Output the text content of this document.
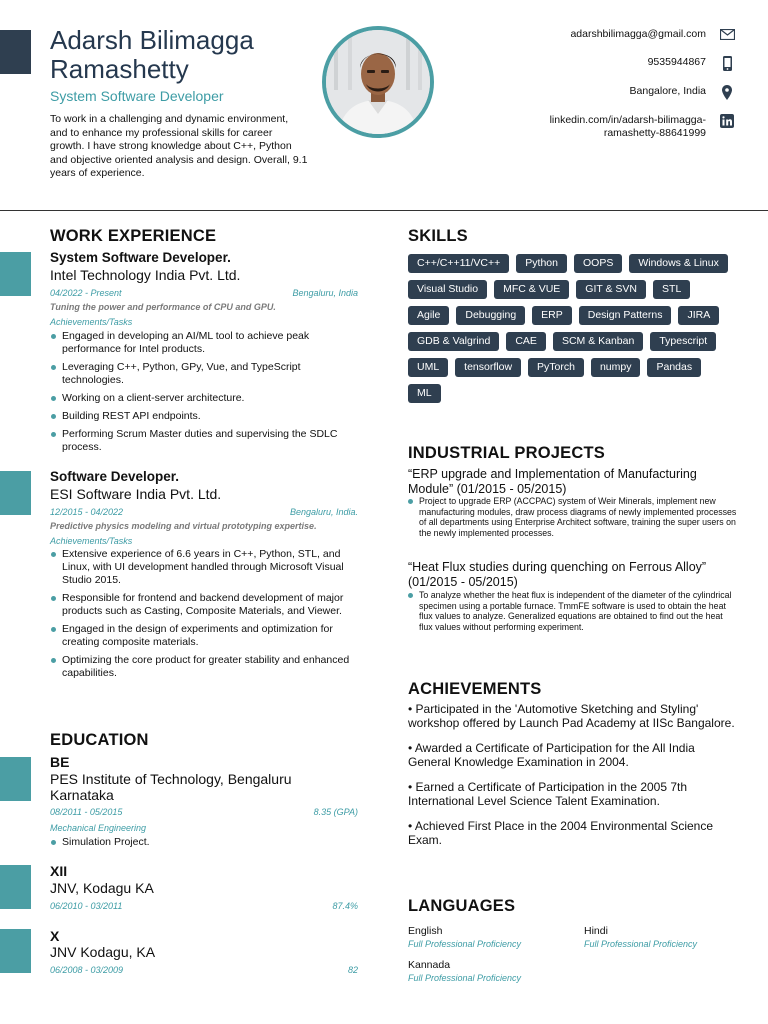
Adarsh Bilimagga Ramashetty
System Software Developer
To work in a challenging and dynamic environment, and to enhance my professional skills for career growth. I have strong knowledge about C++, Python and objective oriented analysis and design. Overall, 9.1 years of experience.
adarshbilimagga@gmail.com
9535944867
Bangalore, India
linkedin.com/in/adarsh-bilimagga-ramashetty-88641999
WORK EXPERIENCE
System Software Developer.
Intel Technology India Pvt. Ltd.
04/2022 - Present	Bengaluru, India
Tuning the power and performance of CPU and GPU.
Achievements/Tasks
Engaged in developing an AI/ML tool to achieve peak performance for Intel products.
Leveraging C++, Python, GPy, Vue, and TypeScript technologies.
Working on a client-server architecture.
Building REST API endpoints.
Performing Scrum Master duties and supervising the SDLC process.
Software Developer.
ESI Software India Pvt. Ltd.
12/2015 - 04/2022	Bengaluru, India.
Predictive physics modeling and virtual prototyping expertise.
Achievements/Tasks
Extensive experience of 6.6 years in C++, Python, STL, and Linux, with UI development handled through Microsoft Visual Studio 2015.
Responsible for frontend and backend development of major products such as Casting, Composite Materials, and Viewer.
Engaged in the design of experiments and optimization for creating composite materials.
Optimizing the core product for greater stability and enhanced capabilities.
EDUCATION
BE
PES Institute of Technology, Bengaluru Karnataka
08/2011 - 05/2015	8.35 (GPA)
Mechanical Engineering
Simulation Project.
XII
JNV, Kodagu KA
06/2010 - 03/2011	87.4%
X
JNV Kodagu, KA
06/2008 - 03/2009	82
SKILLS
C++/C++11/VC++	Python	OOPS	Windows & Linux
Visual Studio	MFC & VUE	GIT & SVN	STL
Agile	Debugging	ERP	Design Patterns	JIRA
GDB & Valgrind	CAE	SCM & Kanban	Typescript
UML	tensorflow	PyTorch	numpy	Pandas
ML
INDUSTRIAL PROJECTS
“ERP upgrade and Implementation of Manufacturing Module” (01/2015 - 05/2015)
Project to upgrade ERP (ACCPAC) system of Weir Minerals, implement new manufacturing modules, draw process diagrams of newly implemented processes of all departments using Enterprise Architect software, training the super users on the newly implemented processes.
“Heat Flux studies during quenching on Ferrous Alloy” (01/2015 - 05/2015)
To analyze whether the heat flux is independent of the diameter of the cylindrical specimen using a portable furnace. TmmFE software is used to obtain the heat flux values to analyze. Generalized equations are obtained to find out the heat flux values without performing experiment.
ACHIEVEMENTS
• Participated in the 'Automotive Sketching and Styling' workshop offered by Launch Pad Academy at IISc Bangalore.
• Awarded a Certificate of Participation for the All India General Knowledge Examination in 2004.
• Earned a Certificate of Participation in the 2005 7th International Level Science Talent Examination.
• Achieved First Place in the 2004 Environmental Science Exam.
LANGUAGES
English
Full Professional Proficiency
Hindi
Full Professional Proficiency
Kannada
Full Professional Proficiency
